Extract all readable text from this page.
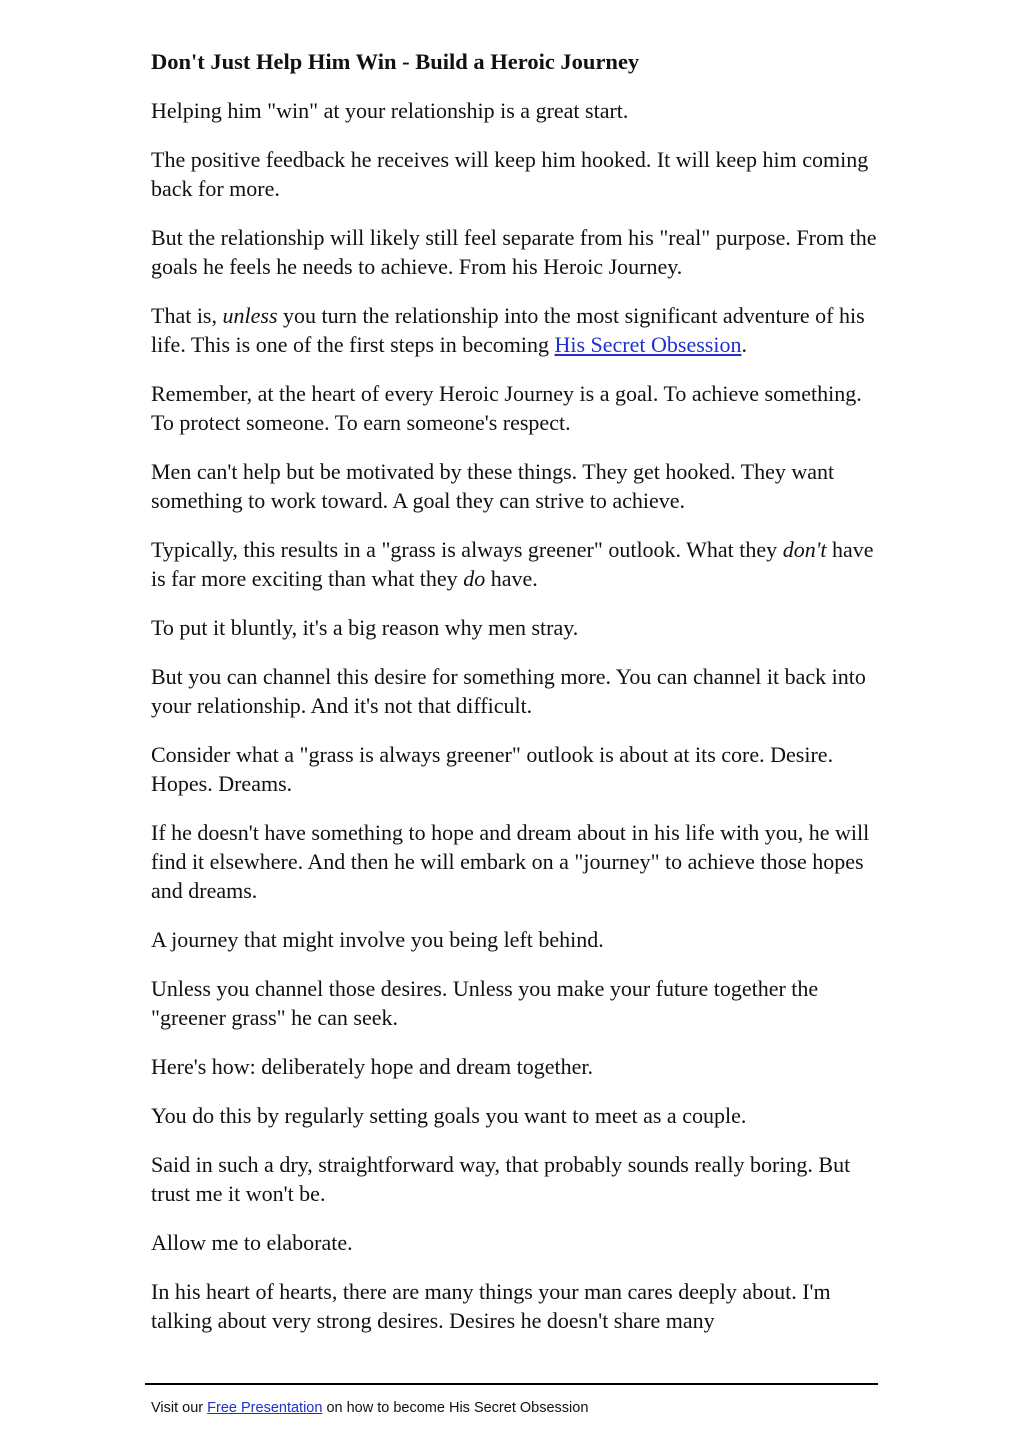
Don't Just Help Him Win - Build a Heroic Journey

Helping him "win" at your relationship is a great start.

The positive feedback he receives will keep him hooked. It will keep him coming back for more.

But the relationship will likely still feel separate from his "real" purpose. From the goals he feels he needs to achieve. From his Heroic Journey.

That is, unless you turn the relationship into the most significant adventure of his life. This is one of the first steps in becoming His Secret Obsession.

Remember, at the heart of every Heroic Journey is a goal. To achieve something. To protect someone. To earn someone's respect.

Men can't help but be motivated by these things. They get hooked. They want something to work toward. A goal they can strive to achieve.

Typically, this results in a "grass is always greener" outlook. What they don't have is far more exciting than what they do have.

To put it bluntly, it's a big reason why men stray.

But you can channel this desire for something more. You can channel it back into your relationship. And it's not that difficult.

Consider what a "grass is always greener" outlook is about at its core. Desire. Hopes. Dreams.

If he doesn't have something to hope and dream about in his life with you, he will find it elsewhere. And then he will embark on a "journey" to achieve those hopes and dreams.

A journey that might involve you being left behind.

Unless you channel those desires. Unless you make your future together the "greener grass" he can seek.

Here's how: deliberately hope and dream together.

You do this by regularly setting goals you want to meet as a couple.

Said in such a dry, straightforward way, that probably sounds really boring. But trust me it won't be.

Allow me to elaborate.

In his heart of hearts, there are many things your man cares deeply about. I'm talking about very strong desires. Desires he doesn't share many

Visit our Free Presentation on how to become His Secret Obsession
